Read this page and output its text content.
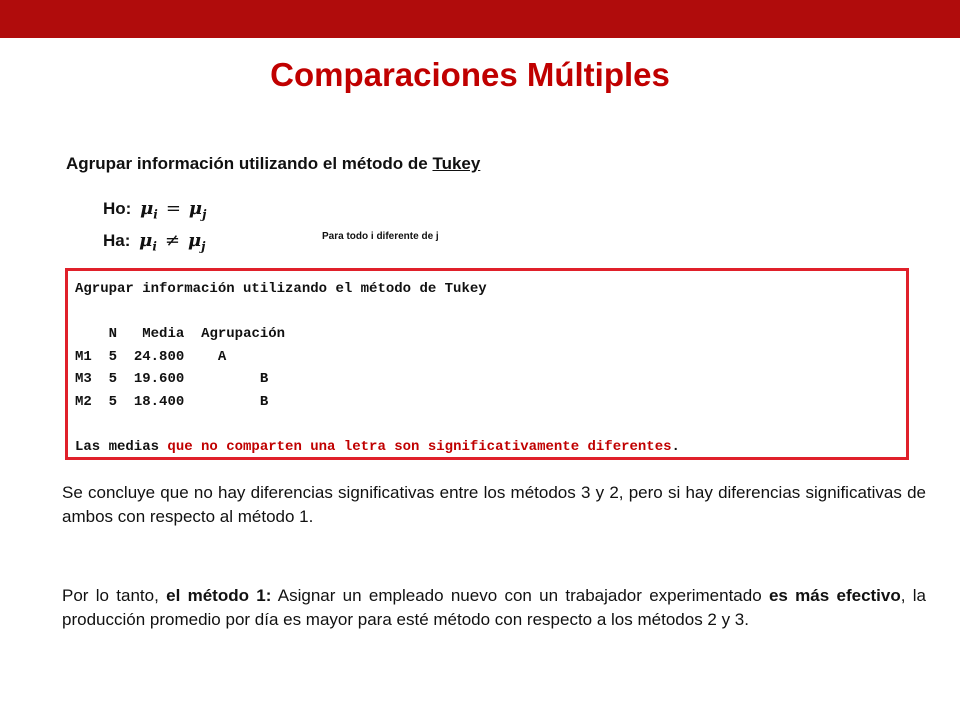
Comparaciones Múltiples
Agrupar información utilizando el método de Tukey
Ho: $\mu_i = \mu_j$
Ha: $\mu_i \ne \mu_j$
Para todo i diferente de j
Agrupar información utilizando el método de Tukey

N Media Agrupación
M1 5 24.800 A
M3 5 19.600	B
M2 5 18.400	B

Las medias que no comparten una letra son significativamente diferentes.
Se concluye que no hay diferencias significativas entre los métodos 3 y 2, pero si hay diferencias significativas de ambos con respecto al método 1.
Por lo tanto, el método 1: Asignar un empleado nuevo con un trabajador experimentado es más efectivo, la producción promedio por día es mayor para esté método con respecto a los métodos 2 y 3.
